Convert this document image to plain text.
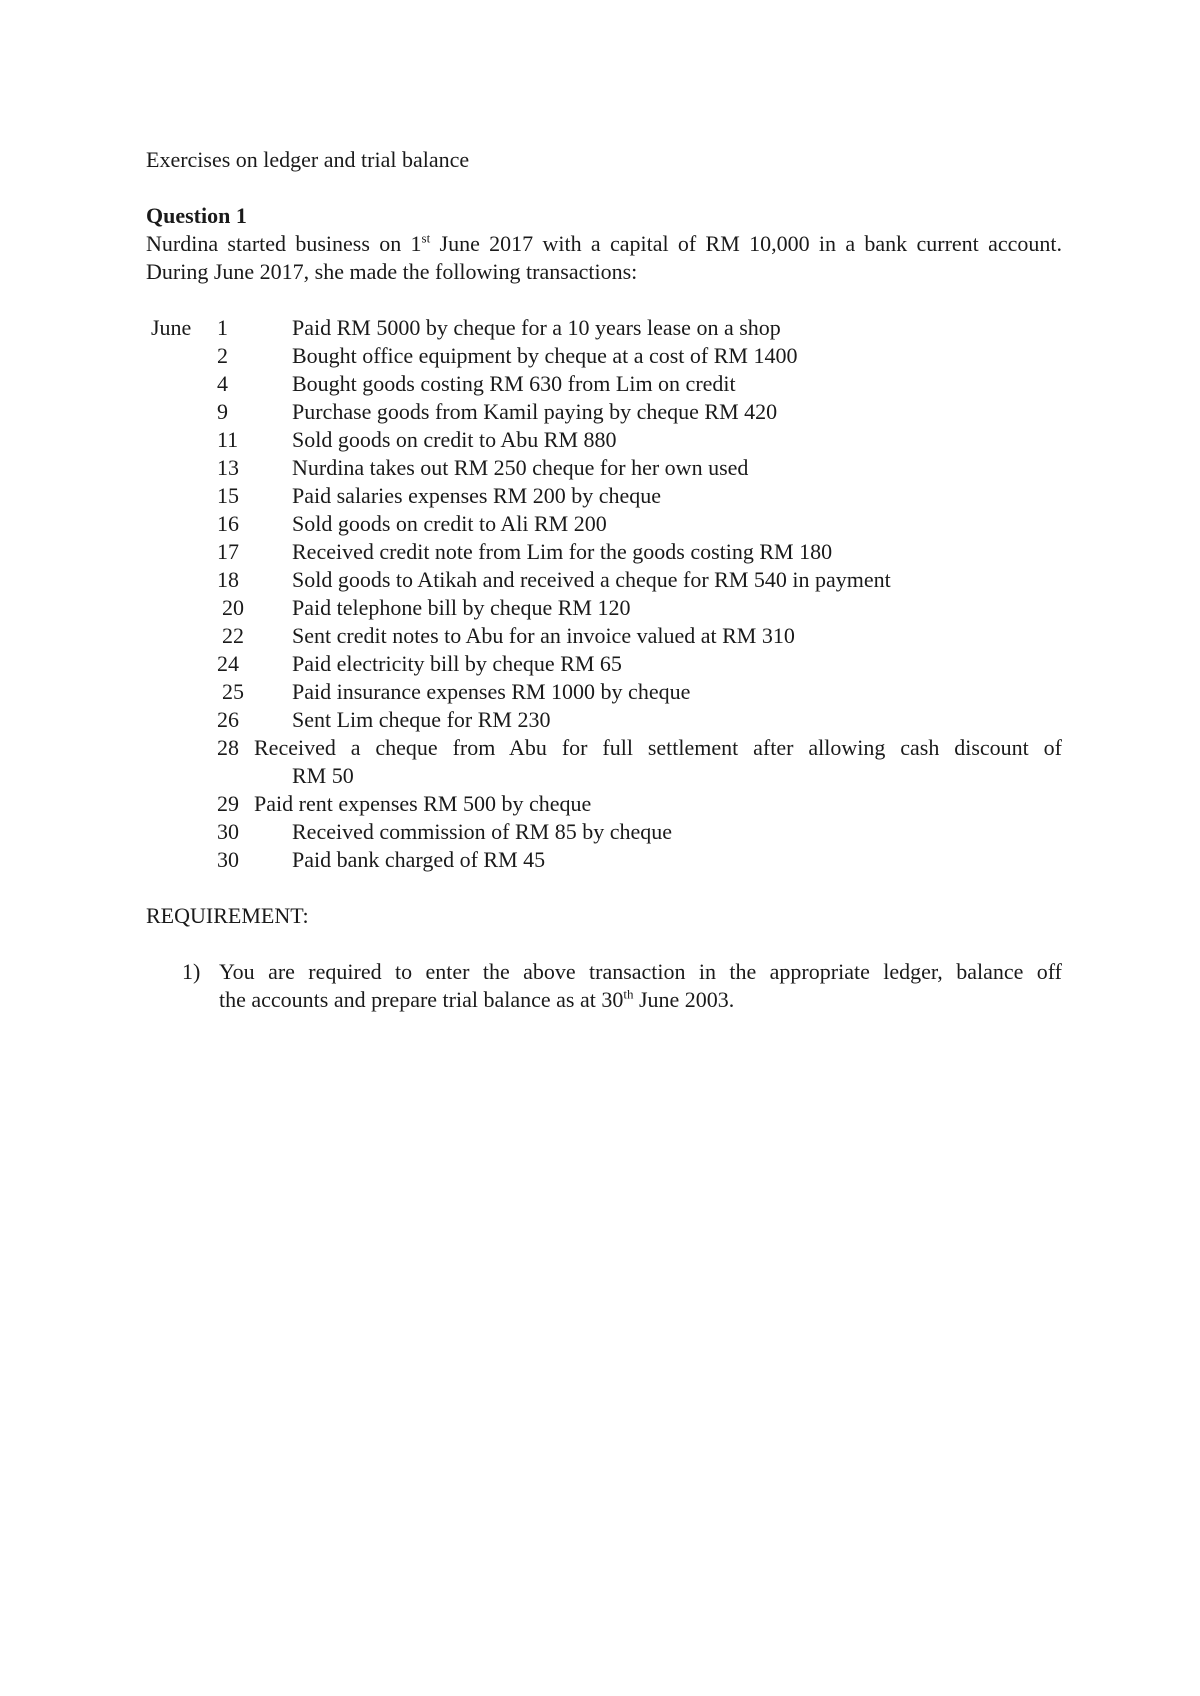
Exercises on ledger and trial balance

Question 1

Nurdina started business on 1st June 2017 with a capital of RM 10,000 in a bank current account. During June 2017, she made the following transactions:

June 1	Paid RM 5000 by cheque for a 10 years lease on a shop
2	Bought office equipment by cheque at a cost of RM 1400
4	Bought goods costing RM 630 from Lim on credit
9	Purchase goods from Kamil paying by cheque RM 420
11	Sold goods on credit to Abu RM 880
13	Nurdina takes out RM 250 cheque for her own used
15	Paid salaries expenses RM 200 by cheque
16	Sold goods on credit to Ali RM 200
17	Received credit note from Lim for the goods costing RM 180
18	Sold goods to Atikah and received a cheque for RM 540 in payment
20	Paid telephone bill by cheque RM 120
22	Sent credit notes to Abu for an invoice valued at RM 310
24	Paid electricity bill by cheque RM 65
25	Paid insurance expenses RM 1000 by cheque
26	Sent Lim cheque for RM 230
28 Received a cheque from Abu for full settlement after allowing cash discount of
RM 50
29 Paid rent expenses RM 500 by cheque
30	Received commission of RM 85 by cheque
30	Paid bank charged of RM 45
REQUIREMENT:
1) You are required to enter the above transaction in the appropriate ledger, balance off
the accounts and prepare trial balance as at 30th June 2003.
